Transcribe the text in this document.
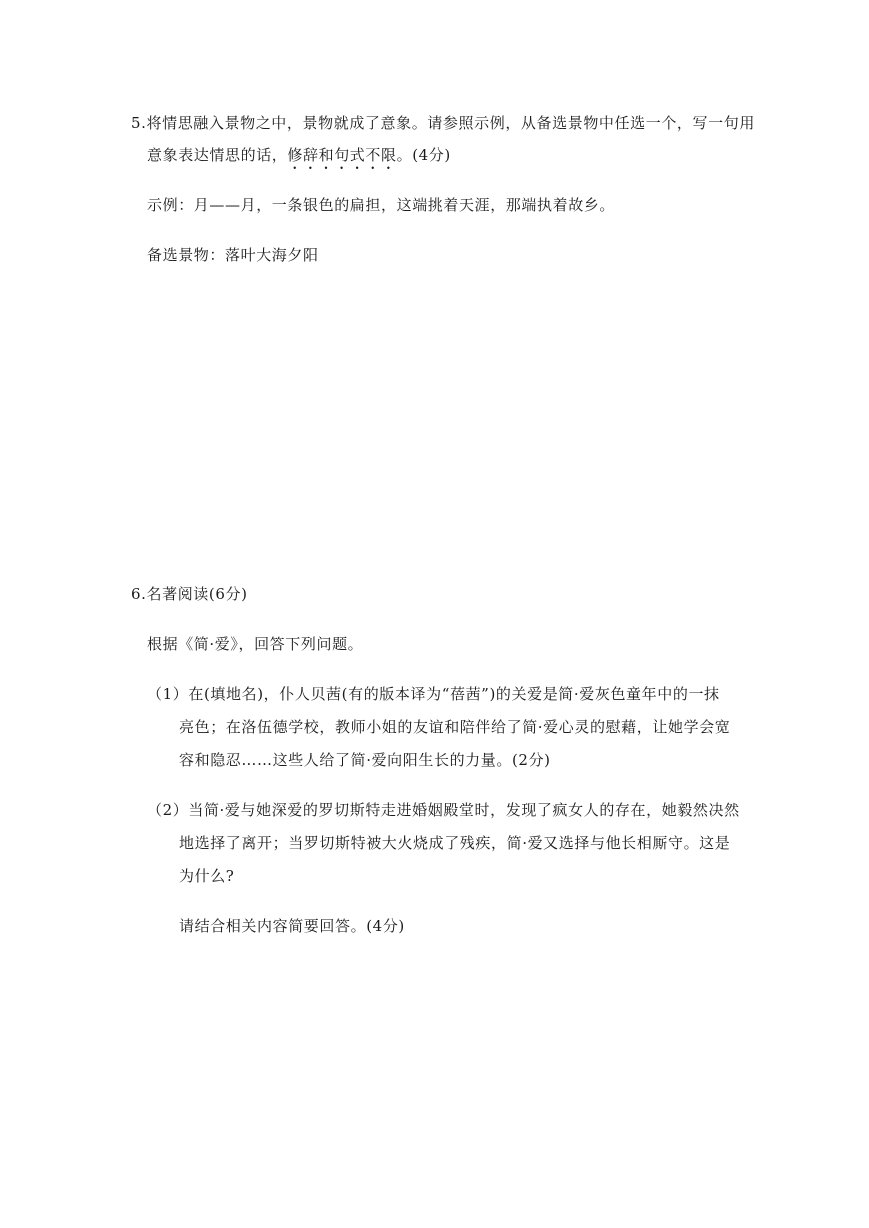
5.将情思融入景物之中，景物就成了意象。请参照示例，从备选景物中任选一个，写一句用
意象表达情思的话，修辞和句式不限。(4分)
示例：月——月，一条银色的扁担，这端挑着天涯，那端执着故乡。
备选景物：落叶大海夕阳
6.名著阅读(6分)
根据《简·爱》，回答下列问题。
（1）在(填地名)，仆人贝茜(有的版本译为“蓓茜”)的关爱是简·爱灰色童年中的一抹
亮色；在洛伍德学校，教师小姐的友谊和陪伴给了简·爱心灵的慰藉，让她学会宽
容和隐忍……这些人给了简·爱向阳生长的力量。(2分)
（2）当简·爱与她深爱的罗切斯特走进婚姻殿堂时，发现了疯女人的存在，她毅然决然
地选择了离开；当罗切斯特被大火烧成了残疾，简·爱又选择与他长相厮守。这是
为什么?
请结合相关内容简要回答。(4分)
